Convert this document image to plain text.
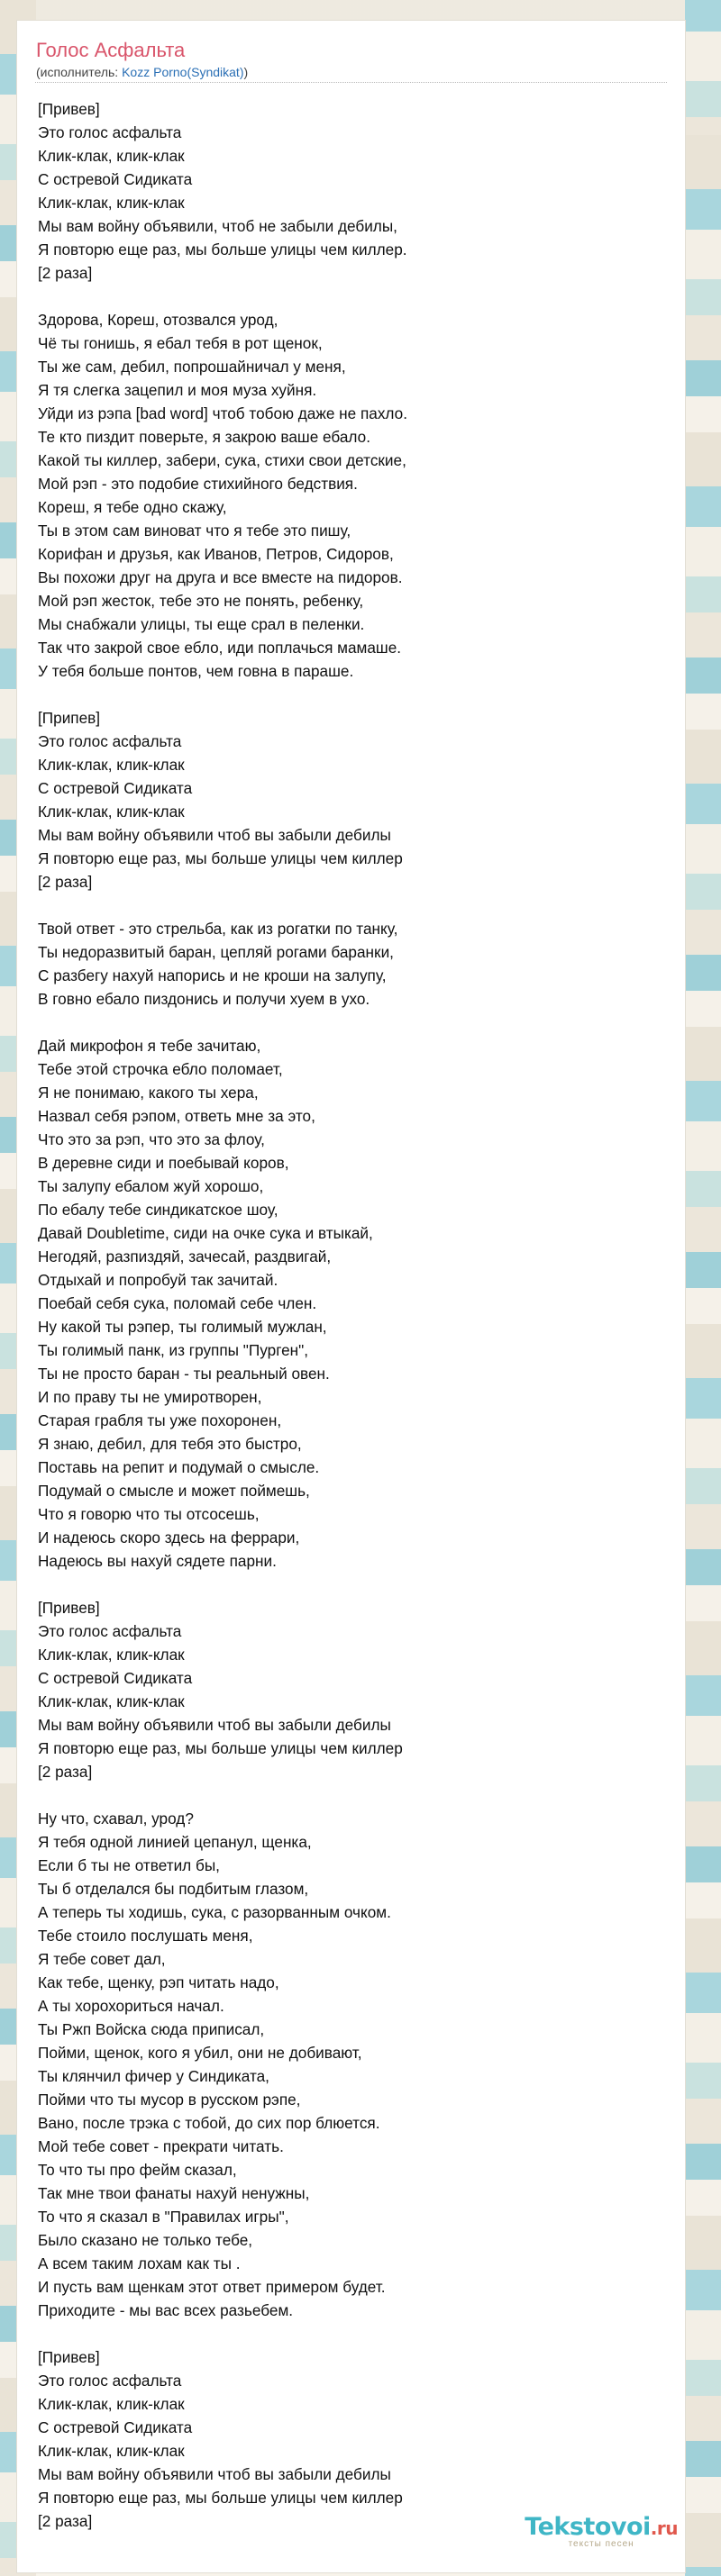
Голос Асфальта
(исполнитель: Kozz Porno(Syndikat))
[Привев]
Это голос асфальта
Клик-клак, клик-клак
С остревой Сидиката
Клик-клак, клик-клак
Мы вам войну объявили, чтоб не забыли дебилы,
Я повторю еще раз, мы больше улицы чем киллер.
[2 раза]
Здорова, Кореш, отозвался урод,
Чё ты гонишь, я ебал тебя в рот щенок,
Ты же сам, дебил, попрошайничал у меня,
Я тя слегка зацепил и моя муза хуйня.
Уйди из рэпа [bad word] чтоб тобою даже не пахло.
Те кто пиздит поверьте, я закрою ваше ебало.
Какой ты киллер, забери, сука, стихи свои детские,
Мой рэп - это подобие стихийного бедствия.
Кореш, я тебе одно скажу,
Ты в этом сам виноват что я тебе это пишу,
Корифан и друзья, как Иванов, Петров, Сидоров,
Вы похожи друг на друга и все вместе на пидоров.
Мой рэп жесток, тебе это не понять, ребенку,
Мы снабжали улицы, ты еще срал в пеленки.
Так что закрой свое ебло, иди поплачься мамаше.
У тебя больше понтов, чем говна в параше.
[Припев]
Это голос асфальта
Клик-клак, клик-клак
С остревой Сидиката
Клик-клак, клик-клак
Мы вам войну объявили чтоб вы забыли дебилы
Я повторю еще раз, мы больше улицы чем киллер
[2 раза]
Твой ответ - это стрельба, как из рогатки по танку,
Ты недоразвитый баран, цепляй рогами баранки,
С разбегу нахуй напорись и не кроши на залупу,
В говно ебало пиздонись и получи хуем в ухо.
Дай микрофон я тебе зачитаю,
Тебе этой строчка ебло поломает,
Я не понимаю, какого ты хера,
Назвал себя рэпом, ответь мне за это,
Что это за рэп, что это за флоу,
В деревне сиди и поебывай коров,
Ты залупу ебалом жуй хорошо,
По ебалу тебе синдикатское шоу,
Давай Doubletime, сиди на очке сука и втыкай,
Негодяй, разпиздяй, зачесай, раздвигай,
Отдыхай и попробуй так зачитай.
Поебай себя сука, поломай себе член.
Ну какой ты рэпер, ты голимый мужлан,
Ты голимый панк, из группы "Пурген",
Ты не просто баран - ты реальный овен.
И по праву ты не умиротворен,
Старая грабля ты уже похоронен,
Я знаю, дебил, для тебя это быстро,
Поставь на репит и подумай о смысле.
Подумай о смысле и может поймешь,
Что я говорю что ты отсосешь,
И надеюсь скоро здесь на феррари,
Надеюсь вы нахуй сядете парни.
[Привев]
Это голос асфальта
Клик-клак, клик-клак
С остревой Сидиката
Клик-клак, клик-клак
Мы вам войну объявили чтоб вы забыли дебилы
Я повторю еще раз, мы больше улицы чем киллер
[2 раза]
Ну что, схавал, урод?
Я тебя одной линией цепанул, щенка,
Если б ты не ответил бы,
Ты б отделался бы подбитым глазом,
А теперь ты ходишь, сука, с разорванным очком.
Тебе стоило послушать меня,
Я тебе совет дал,
Как тебе, щенку, рэп читать надо,
А ты хорохориться начал.
Ты Ржп Войска сюда приписал,
Пойми, щенок, кого я убил, они не добивают,
Ты клянчил фичер у Синдиката,
Пойми что ты мусор в русском рэпе,
Вано, после трэка с тобой, до сих пор блюется.
Мой тебе совет - прекрати читать.
То что ты про фейм сказал,
Так мне твои фанаты нахуй ненужны,
То что я сказал в "Правилах игры",
Было сказано не только тебе,
А всем таким лохам как ты .
И пусть вам щенкам этот ответ примером будет.
Приходите - мы вас всех разьебем.
[Привев]
Это голос асфальта
Клик-клак, клик-клак
С остревой Сидиката
Клик-клак, клик-клак
Мы вам войну объявили чтоб вы забыли дебилы
Я повторю еще раз, мы больше улицы чем киллер
[2 раза]	Tekstovoi.ru
тексты песен
